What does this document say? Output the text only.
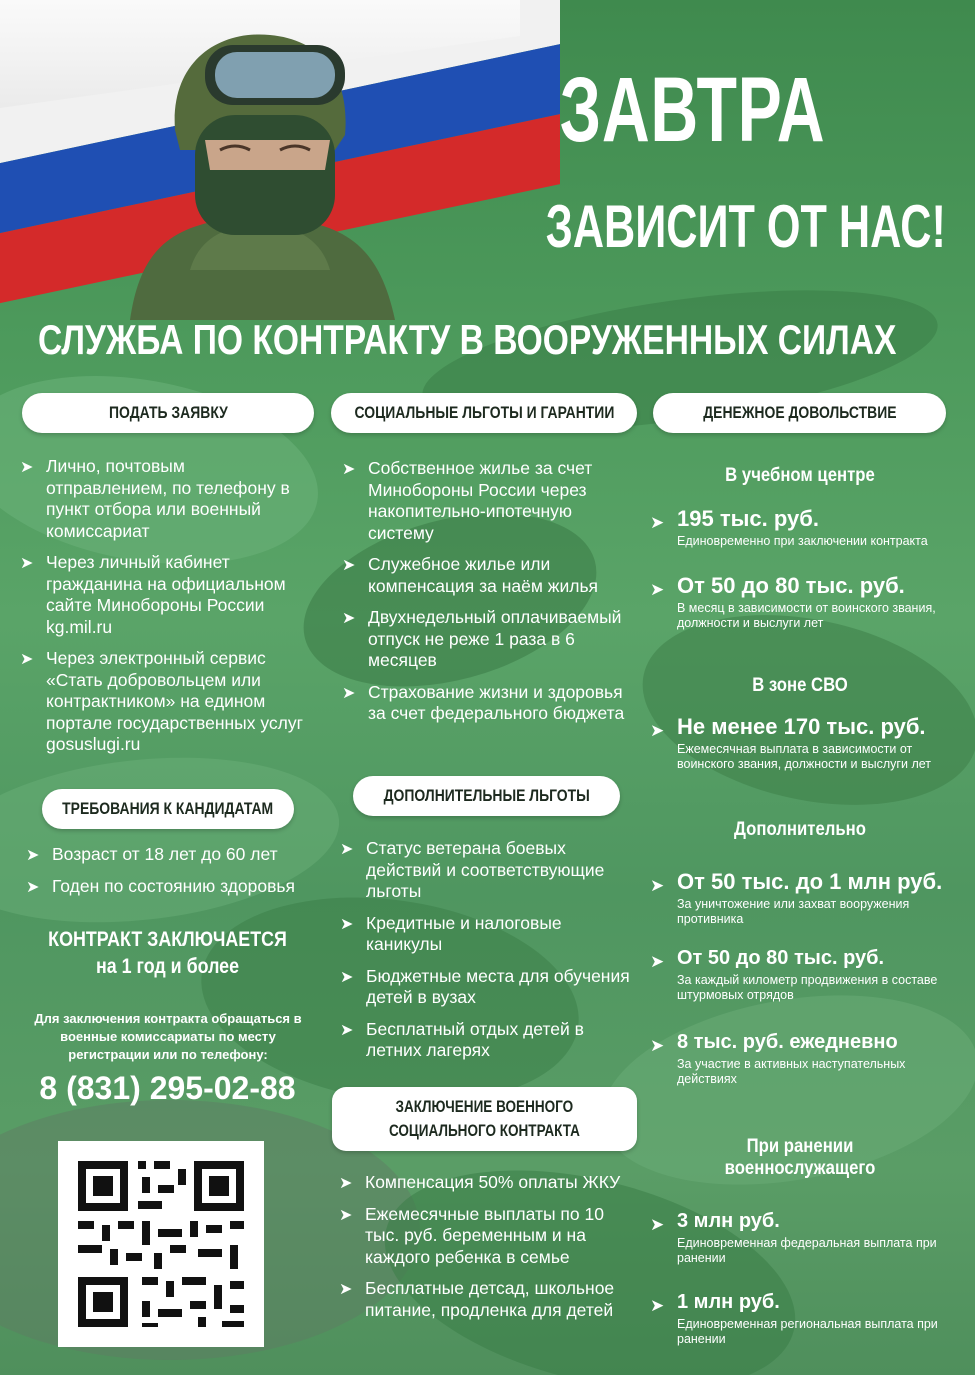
ЗАВТРА
ЗАВИСИТ ОТ НАС!
СЛУЖБА ПО КОНТРАКТУ В ВООРУЖЕННЫХ СИЛАХ
ПОДАТЬ ЗАЯВКУ
➤ Лично, почтовым отправлением, по телефону в пункт отбора или военный комиссариат
➤ Через личный кабинет гражданина на официальном сайте Минобороны России kg.mil.ru
➤ Через электронный сервис «Стать добровольцем или контрактником» на едином портале государственных услуг gosuslugi.ru
ТРЕБОВАНИЯ К КАНДИДАТАМ
➤ Возраст от 18 лет до 60 лет
➤ Годен по состоянию здоровья
КОНТРАКТ ЗАКЛЮЧАЕТСЯ
на 1 год и более
Для заключения контракта обращаться в военные комиссариаты по месту регистрации или по телефону:
8 (831) 295-02-88
СОЦИАЛЬНЫЕ ЛЬГОТЫ И ГАРАНТИИ
➤ Собственное жилье за счет Минобороны России через накопительно-ипотечную систему
➤ Служебное жилье или компенсация за наём жилья
➤ Двухнедельный оплачиваемый отпуск не реже 1 раза в 6 месяцев
➤ Страхование жизни и здоровья за счет федерального бюджета
ДОПОЛНИТЕЛЬНЫЕ ЛЬГОТЫ
➤ Статус ветерана боевых действий и соответствующие льготы
➤ Кредитные и налоговые каникулы
➤ Бюджетные места для обучения детей в вузах
➤ Бесплатный отдых детей в летних лагерях
ЗАКЛЮЧЕНИЕ ВОЕННОГО
СОЦИАЛЬНОГО КОНТРАКТА
➤ Компенсация 50% оплаты ЖКУ
➤ Ежемесячные выплаты по 10 тыс. руб. беременным и на каждого ребенка в семье
➤ Бесплатные детсад, школьное питание, продленка для детей
ДЕНЕЖНОЕ ДОВОЛЬСТВИЕ
В учебном центре
➤ 195 тыс. руб.
Единовременно при заключении контракта
➤ От 50 до 80 тыс. руб.
В месяц в зависимости от воинского звания, должности и выслуги лет
В зоне СВО
➤ Не менее 170 тыс. руб.
Ежемесячная выплата в зависимости от воинского звания, должности и выслуги лет
Дополнительно
➤ От 50 тыс. до 1 млн руб.
За уничтожение или захват вооружения противника
➤ От 50 до 80 тыс. руб.
За каждый километр продвижения в составе штурмовых отрядов
➤ 8 тыс. руб. ежедневно
За участие в активных наступательных действиях
При ранении
военнослужащего
➤ 3 млн руб.
Единовременная федеральная выплата при ранении
➤ 1 млн руб.
Единовременная региональная выплата при ранении
